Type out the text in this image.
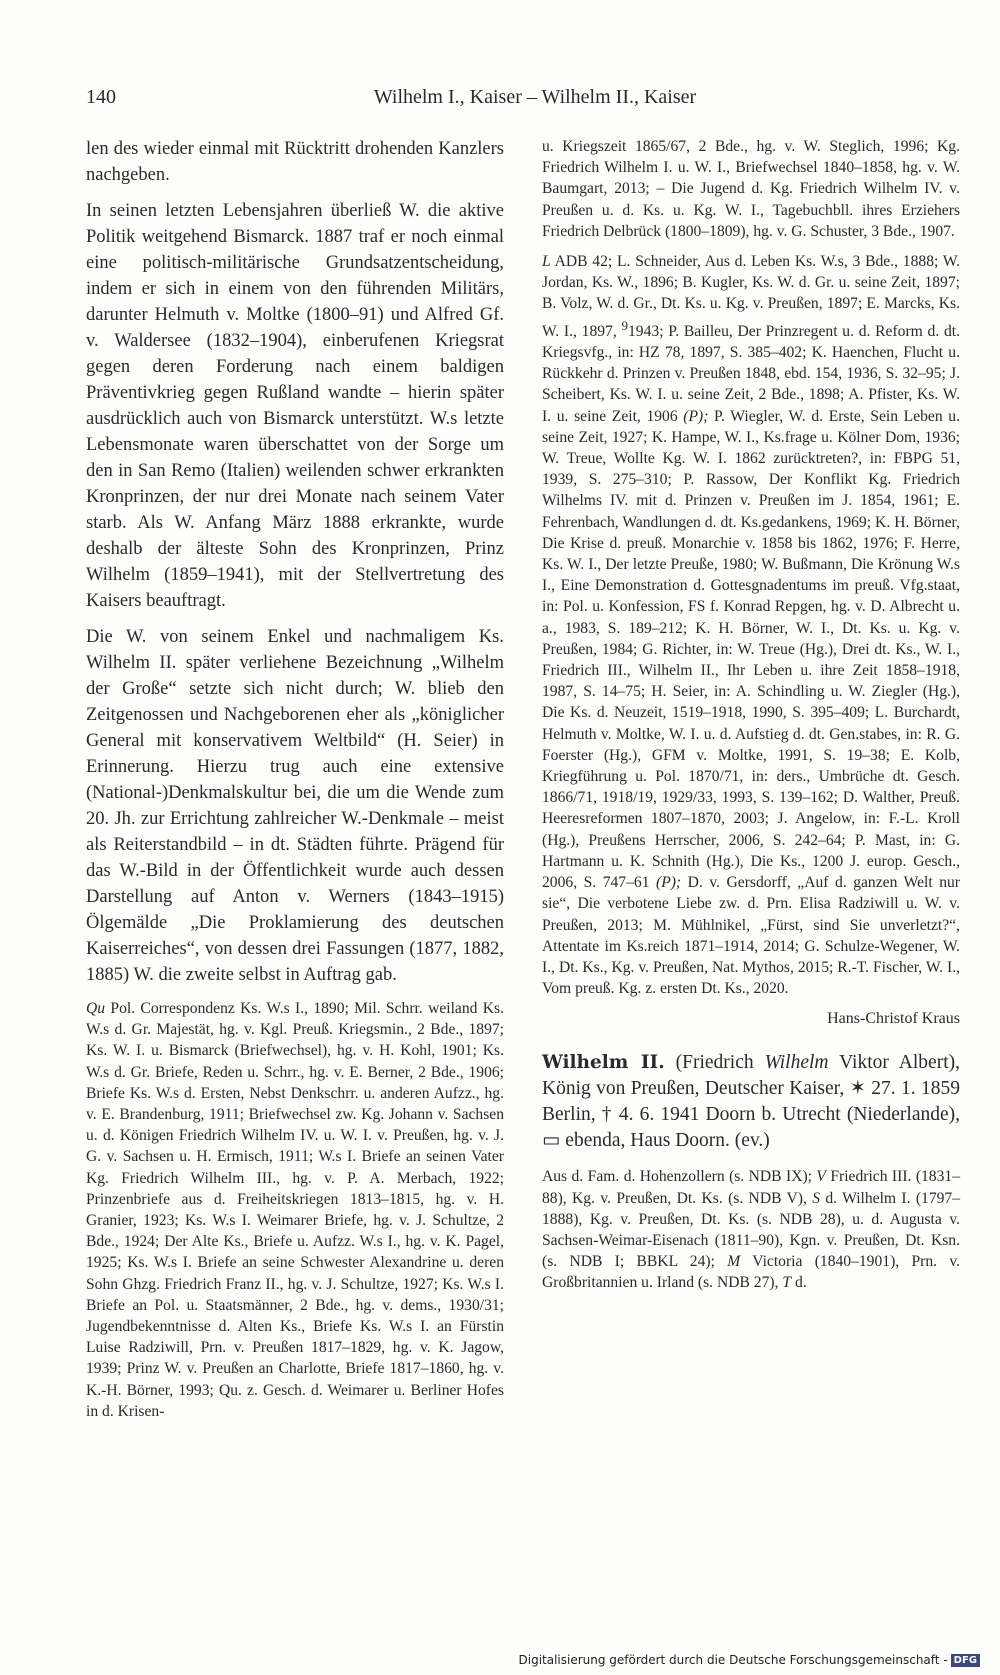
140	Wilhelm I., Kaiser – Wilhelm II., Kaiser

len des wieder einmal mit Rücktritt drohenden Kanzlers nachgeben.

In seinen letzten Lebensjahren überließ W. die aktive Politik weitgehend Bismarck. 1887 traf er noch einmal eine politisch-militärische Grundsatzentscheidung, indem er sich in einem von den führenden Militärs, darunter Helmuth v. Moltke (1800–91) und Alfred Gf. v. Waldersee (1832–1904), einberufenen Kriegsrat gegen deren Forderung nach einem baldigen Präventivkrieg gegen Rußland wandte – hierin später ausdrücklich auch von Bismarck unterstützt. W.s letzte Lebensmonate waren überschattet von der Sorge um den in San Remo (Italien) weilenden schwer erkrankten Kronprinzen, der nur drei Monate nach seinem Vater starb. Als W. Anfang März 1888 erkrankte, wurde deshalb der älteste Sohn des Kronprinzen, Prinz Wilhelm (1859–1941), mit der Stellvertretung des Kaisers beauftragt.

Die W. von seinem Enkel und nachmaligem Ks. Wilhelm II. später verliehene Bezeichnung „Wilhelm der Große“ setzte sich nicht durch; W. blieb den Zeitgenossen und Nachgeborenen eher als „königlicher General mit konservativem Weltbild“ (H. Seier) in Erinnerung. Hierzu trug auch eine extensive (National-)Denkmalskultur bei, die um die Wende zum 20. Jh. zur Errichtung zahlreicher W.-Denkmale – meist als Reiterstandbild – in dt. Städten führte. Prägend für das W.-Bild in der Öffentlichkeit wurde auch dessen Darstellung auf Anton v. Werners (1843–1915) Ölgemälde „Die Proklamierung des deutschen Kaiserreiches“, von dessen drei Fassungen (1877, 1882, 1885) W. die zweite selbst in Auftrag gab.

Qu Pol. Correspondenz Ks. W.s I., 1890; Mil. Schrr. weiland Ks. W.s d. Gr. Majestät, hg. v. Kgl. Preuß. Kriegsmin., 2 Bde., 1897; Ks. W. I. u. Bismarck (Briefwechsel), hg. v. H. Kohl, 1901; Ks. W.s d. Gr. Briefe, Reden u. Schrr., hg. v. E. Berner, 2 Bde., 1906; Briefe Ks. W.s d. Ersten, Nebst Denkschrr. u. anderen Aufzz., hg. v. E. Brandenburg, 1911; Briefwechsel zw. Kg. Johann v. Sachsen u. d. Königen Friedrich Wilhelm IV. u. W. I. v. Preußen, hg. v. J. G. v. Sachsen u. H. Ermisch, 1911; W.s I. Briefe an seinen Vater Kg. Friedrich Wilhelm III., hg. v. P. A. Merbach, 1922; Prinzenbriefe aus d. Freiheitskriegen 1813–1815, hg. v. H. Granier, 1923; Ks. W.s I. Weimarer Briefe, hg. v. J. Schultze, 2 Bde., 1924; Der Alte Ks., Briefe u. Aufzz. W.s I., hg. v. K. Pagel, 1925; Ks. W.s I. Briefe an seine Schwester Alexandrine u. deren Sohn Ghzg. Friedrich Franz II., hg. v. J. Schultze, 1927; Ks. W.s I. Briefe an Pol. u. Staatsmänner, 2 Bde., hg. v. dems., 1930/31; Jugendbekenntnisse d. Alten Ks., Briefe Ks. W.s I. an Fürstin Luise Radziwill, Prn. v. Preußen 1817–1829, hg. v. K. Jagow, 1939; Prinz W. v. Preußen an Charlotte, Briefe 1817–1860, hg. v. K.-H. Börner, 1993; Qu. z. Gesch. d. Weimarer u. Berliner Hofes in d. Krisen-

u. Kriegszeit 1865/67, 2 Bde., hg. v. W. Steglich, 1996; Kg. Friedrich Wilhelm I. u. W. I., Briefwechsel 1840–1858, hg. v. W. Baumgart, 2013; – Die Jugend d. Kg. Friedrich Wilhelm IV. v. Preußen u. d. Ks. u. Kg. W. I., Tagebuchbll. ihres Erziehers Friedrich Delbrück (1800–1809), hg. v. G. Schuster, 3 Bde., 1907.

L ADB 42; L. Schneider, Aus d. Leben Ks. W.s, 3 Bde., 1888; W. Jordan, Ks. W., 1896; B. Kugler, Ks. W. d. Gr. u. seine Zeit, 1897; B. Volz, W. d. Gr., Dt. Ks. u. Kg. v. Preußen, 1897; E. Marcks, Ks. W. I., 1897, $^9$1943; P. Bailleu, Der Prinzregent u. d. Reform d. dt. Kriegsvfg., in: HZ 78, 1897, S. 385–402; K. Haenchen, Flucht u. Rückkehr d. Prinzen v. Preußen 1848, ebd. 154, 1936, S. 32–95; J. Scheibert, Ks. W. I. u. seine Zeit, 2 Bde., 1898; A. Pfister, Ks. W. I. u. seine Zeit, 1906 (P); P. Wiegler, W. d. Erste, Sein Leben u. seine Zeit, 1927; K. Hampe, W. I., Ks.frage u. Kölner Dom, 1936; W. Treue, Wollte Kg. W. I. 1862 zurücktreten?, in: FBPG 51, 1939, S. 275–310; P. Rassow, Der Konflikt Kg. Friedrich Wilhelms IV. mit d. Prinzen v. Preußen im J. 1854, 1961; E. Fehrenbach, Wandlungen d. dt. Ks.gedankens, 1969; K. H. Börner, Die Krise d. preuß. Monarchie v. 1858 bis 1862, 1976; F. Herre, Ks. W. I., Der letzte Preuße, 1980; W. Bußmann, Die Krönung W.s I., Eine Demonstration d. Gottesgnadentums im preuß. Vfg.staat, in: Pol. u. Konfession, FS f. Konrad Repgen, hg. v. D. Albrecht u. a., 1983, S. 189–212; K. H. Börner, W. I., Dt. Ks. u. Kg. v. Preußen, 1984; G. Richter, in: W. Treue (Hg.), Drei dt. Ks., W. I., Friedrich III., Wilhelm II., Ihr Leben u. ihre Zeit 1858–1918, 1987, S. 14–75; H. Seier, in: A. Schindling u. W. Ziegler (Hg.), Die Ks. d. Neuzeit, 1519–1918, 1990, S. 395–409; L. Burchardt, Helmuth v. Moltke, W. I. u. d. Aufstieg d. dt. Gen.stabes, in: R. G. Foerster (Hg.), GFM v. Moltke, 1991, S. 19–38; E. Kolb, Kriegführung u. Pol. 1870/71, in: ders., Umbrüche dt. Gesch. 1866/71, 1918/19, 1929/33, 1993, S. 139–162; D. Walther, Preuß. Heeresreformen 1807–1870, 2003; J. Angelow, in: F.-L. Kroll (Hg.), Preußens Herrscher, 2006, S. 242–64; P. Mast, in: G. Hartmann u. K. Schnith (Hg.), Die Ks., 1200 J. europ. Gesch., 2006, S. 747–61 (P); D. v. Gersdorff, „Auf d. ganzen Welt nur sie“, Die verbotene Liebe zw. d. Prn. Elisa Radziwill u. W. v. Preußen, 2013; M. Mühlnikel, „Fürst, sind Sie unverletzt?“, Attentate im Ks.reich 1871–1914, 2014; G. Schulze-Wegener, W. I., Dt. Ks., Kg. v. Preußen, Nat. Mythos, 2015; R.-T. Fischer, W. I., Vom preuß. Kg. z. ersten Dt. Ks., 2020.

Hans-Christof Kraus

Wilhelm II. (Friedrich Wilhelm Viktor Albert), König von Preußen, Deutscher Kaiser, ✶ 27. 1. 1859 Berlin, † 4. 6. 1941 Doorn b. Utrecht (Niederlande), ▭ ebenda, Haus Doorn. (ev.)

Aus d. Fam. d. Hohenzollern (s. NDB IX); V Friedrich III. (1831–88), Kg. v. Preußen, Dt. Ks. (s. NDB V), S d. Wilhelm I. (1797–1888), Kg. v. Preußen, Dt. Ks. (s. NDB 28), u. d. Augusta v. Sachsen-Weimar-Eisenach (1811–90), Kgn. v. Preußen, Dt. Ksn. (s. NDB I; BBKL 24); M Victoria (1840–1901), Prn. v. Großbritannien u. Irland (s. NDB 27), T d.

Digitalisierung gefördert durch die Deutsche Forschungsgemeinschaft - DFG
